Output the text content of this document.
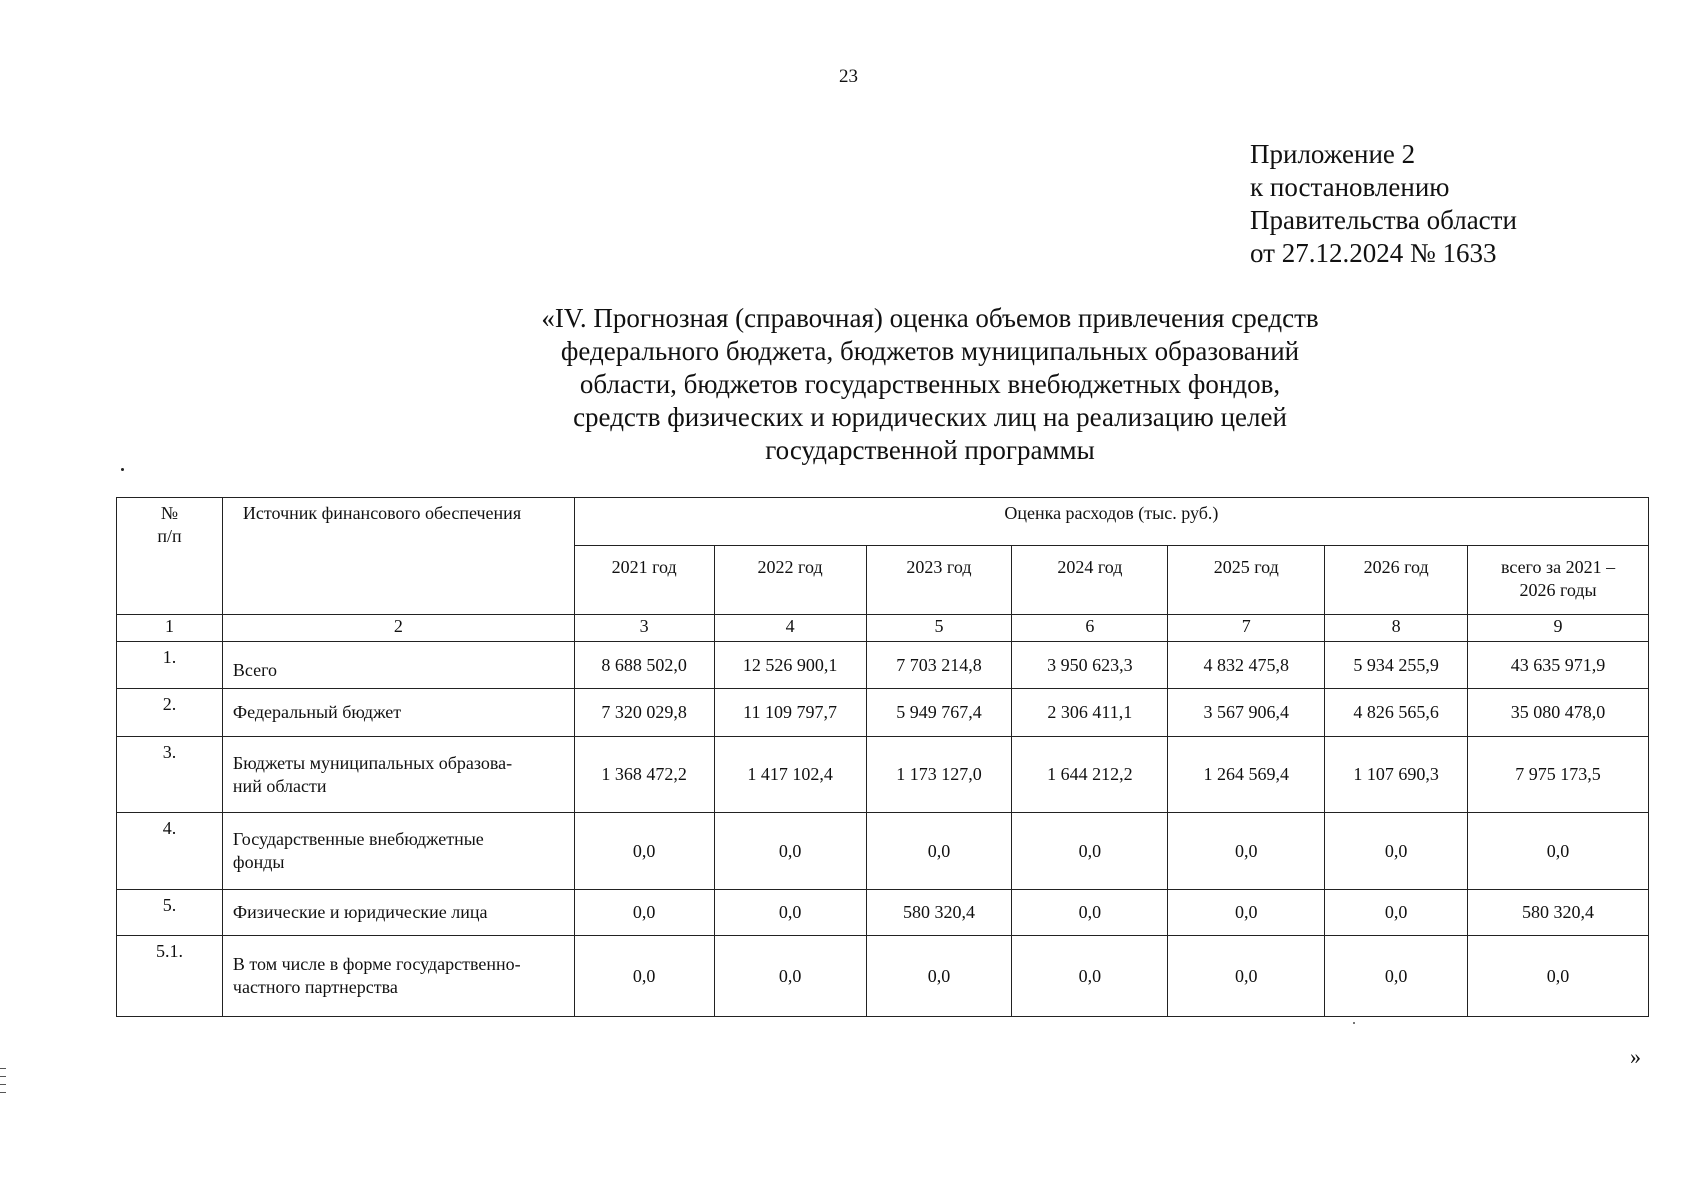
23
Приложение 2
к постановлению
Правительства области
от 27.12.2024 № 1633
«IV. Прогнозная (справочная) оценка объемов привлечения средств
федерального бюджета, бюджетов муниципальных образований
области, бюджетов государственных внебюджетных фондов,
средств физических и юридических лиц на реализацию целей
государственной программы
№
п/п	Источник финансового обеспечения	Оценка расходов (тыс. руб.)						
		2021 год	2022 год	2023 год	2024 год	2025 год	2026 год	всего за 2021 –
2026 годы

1	2	3	4	5	6	7	8	9
1.	Всего	8 688 502,0	12 526 900,1	7 703 214,8	3 950 623,3	4 832 475,8	5 934 255,9	43 635 971,9
2.	Федеральный бюджет	7 320 029,8	11 109 797,7	5 949 767,4	2 306 411,1	3 567 906,4	4 826 565,6	35 080 478,0
3.	Бюджеты муниципальных образова-
ний области	1 368 472,2	1 417 102,4	1 173 127,0	1 644 212,2	1 264 569,4	1 107 690,3	7 975 173,5
4.	Государственные внебюджетные
фонды	0,0	0,0	0,0	0,0	0,0	0,0	0,0
5.	Физические и юридические лица	0,0	0,0	580 320,4	0,0	0,0	0,0	580 320,4
5.1.	В том числе в форме государственно-
частного партнерства	0,0	0,0	0,0	0,0	0,0	0,0	0,0
»
